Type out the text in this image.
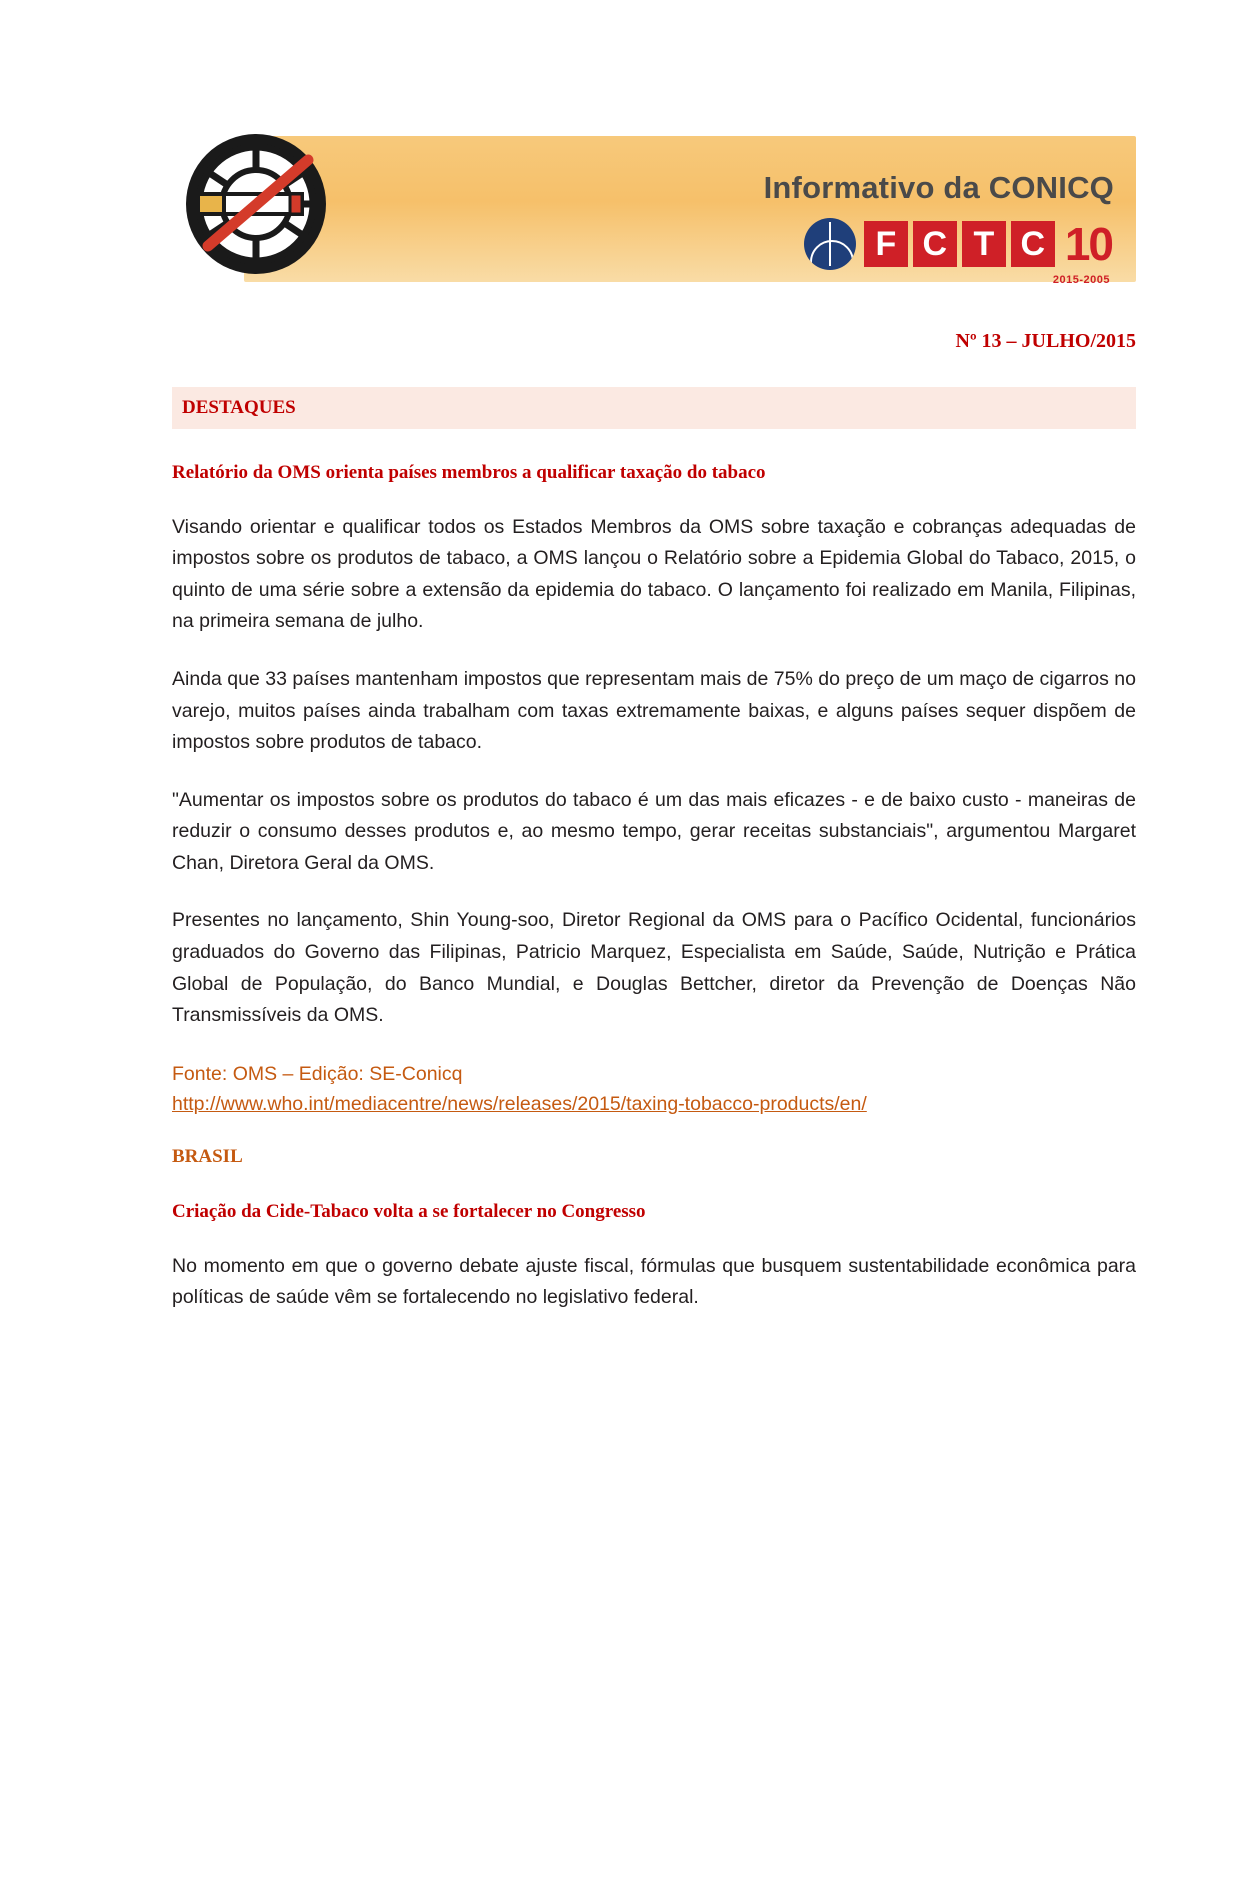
Informativo da CONICQ
F C T C 10
2015-2005
Nº 13 – JULHO/2015
DESTAQUES
Relatório da OMS orienta países membros a qualificar taxação do tabaco

Visando orientar e qualificar todos os Estados Membros da OMS sobre taxação e cobranças adequadas de impostos sobre os produtos de tabaco, a OMS lançou o Relatório sobre a Epidemia Global do Tabaco, 2015, o quinto de uma série sobre a extensão da epidemia do tabaco. O lançamento foi realizado em Manila, Filipinas, na primeira semana de julho.

Ainda que 33 países mantenham impostos que representam mais de 75% do preço de um maço de cigarros no varejo, muitos países ainda trabalham com taxas extremamente baixas, e alguns países sequer dispõem de impostos sobre produtos de tabaco.

"Aumentar os impostos sobre os produtos do tabaco é um das mais eficazes - e de baixo custo - maneiras de reduzir o consumo desses produtos e, ao mesmo tempo, gerar receitas substanciais", argumentou Margaret Chan, Diretora Geral da OMS.

Presentes no lançamento, Shin Young-soo, Diretor Regional da OMS para o Pacífico Ocidental, funcionários graduados do Governo das Filipinas, Patricio Marquez, Especialista em Saúde, Saúde, Nutrição e Prática Global de População, do Banco Mundial, e Douglas Bettcher, diretor da Prevenção de Doenças Não Transmissíveis da OMS.

Fonte: OMS – Edição: SE-Conicq

http://www.who.int/mediacentre/news/releases/2015/taxing-tobacco-products/en/
BRASIL
Criação da Cide-Tabaco volta a se fortalecer no Congresso

No momento em que o governo debate ajuste fiscal, fórmulas que busquem sustentabilidade econômica para políticas de saúde vêm se fortalecendo no legislativo federal.
